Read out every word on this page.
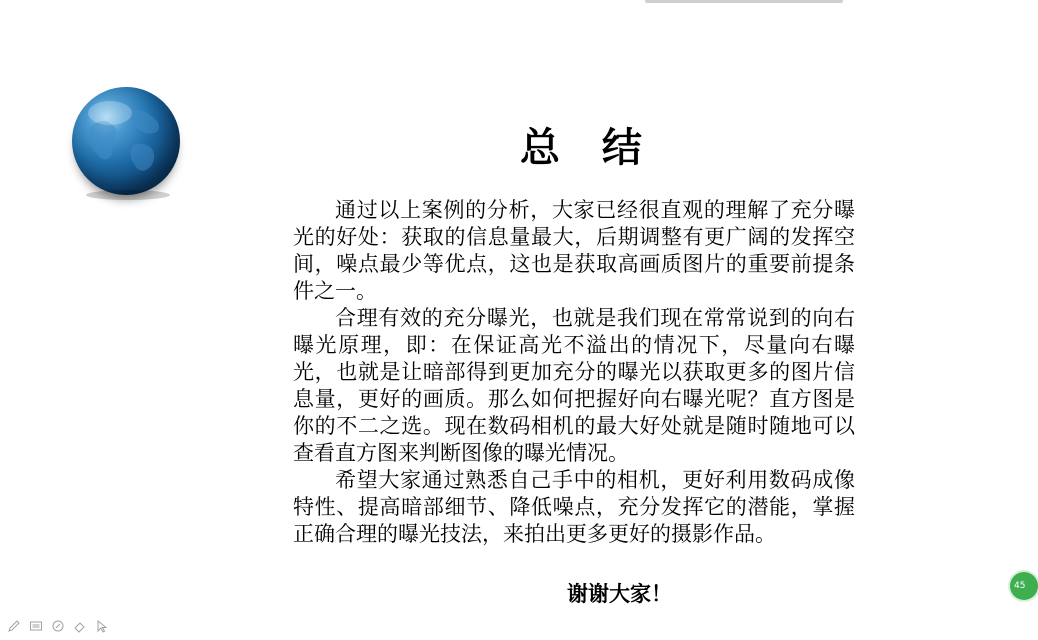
总 结

通过以上案例的分析，大家已经很直观的理解了充分曝光的好处：获取的信息量最大，后期调整有更广阔的发挥空间，噪点最少等优点，这也是获取高画质图片的重要前提条件之一。

合理有效的充分曝光，也就是我们现在常常说到的向右曝光原理，即：在保证高光不溢出的情况下，尽量向右曝光，也就是让暗部得到更加充分的曝光以获取更多的图片信息量，更好的画质。那么如何把握好向右曝光呢？直方图是你的不二之选。现在数码相机的最大好处就是随时随地可以查看直方图来判断图像的曝光情况。

希望大家通过熟悉自己手中的相机，更好利用数码成像特性、提高暗部细节、降低噪点，充分发挥它的潜能，掌握正确合理的曝光技法，来拍出更多更好的摄影作品。

谢谢大家！	45
